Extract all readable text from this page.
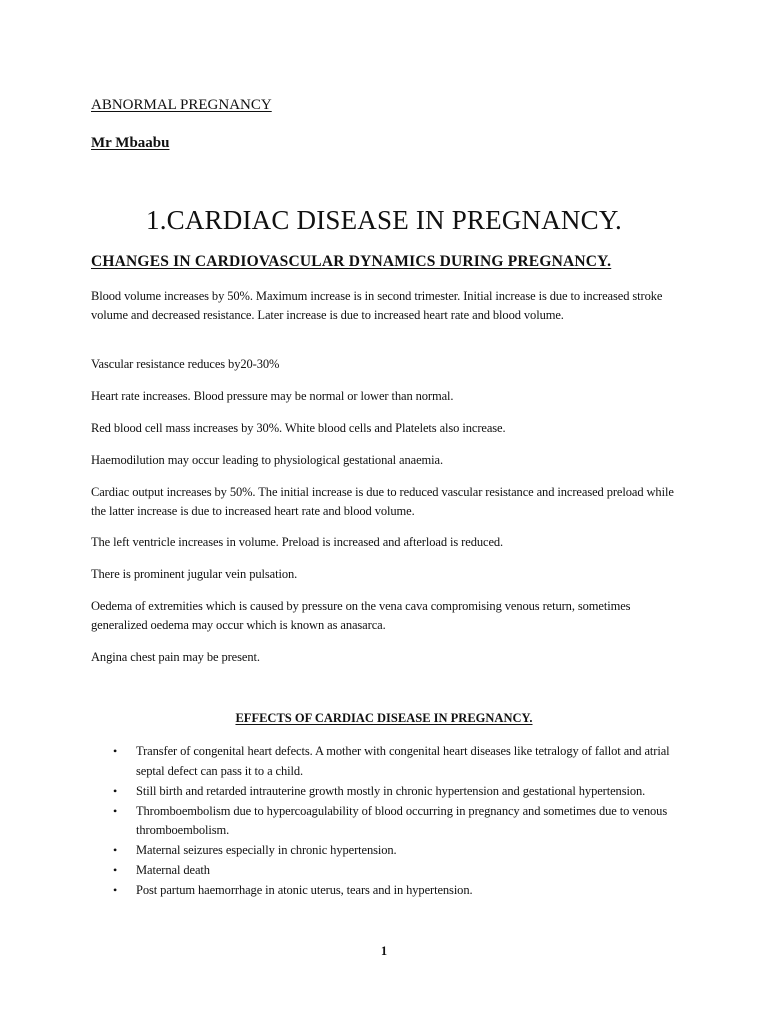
ABNORMAL PREGNANCY
Mr Mbaabu
1.CARDIAC DISEASE IN PREGNANCY.
CHANGES IN CARDIOVASCULAR DYNAMICS DURING PREGNANCY.

Blood volume increases by 50%. Maximum increase is in second trimester. Initial increase is due to increased stroke volume and decreased resistance. Later increase is due to increased heart rate and blood volume.

Vascular resistance reduces by20-30%

Heart rate increases. Blood pressure may be normal or lower than normal.

Red blood cell mass increases by 30%. White blood cells and Platelets also increase.

Haemodilution may occur leading to physiological gestational anaemia.

Cardiac output increases by 50%. The initial increase is due to reduced vascular resistance and increased preload while the latter increase is due to increased heart rate and blood volume.

The left ventricle increases in volume. Preload is increased and afterload is reduced.

There is prominent jugular vein pulsation.

Oedema of extremities which is caused by pressure on the vena cava compromising venous return, sometimes generalized oedema may occur which is known as anasarca.

Angina chest pain may be present.

EFFECTS OF CARDIAC DISEASE IN PREGNANCY.
• Transfer of congenital heart defects. A mother with congenital heart diseases like tetralogy of fallot and atrial septal defect can pass it to a child.
• Still birth and retarded intrauterine growth mostly in chronic hypertension and gestational hypertension.
• Thromboembolism due to hypercoagulability of blood occurring in pregnancy and sometimes due to venous thromboembolism.
• Maternal seizures especially in chronic hypertension.
• Maternal death
• Post partum haemorrhage in atonic uterus, tears and in hypertension.
1
